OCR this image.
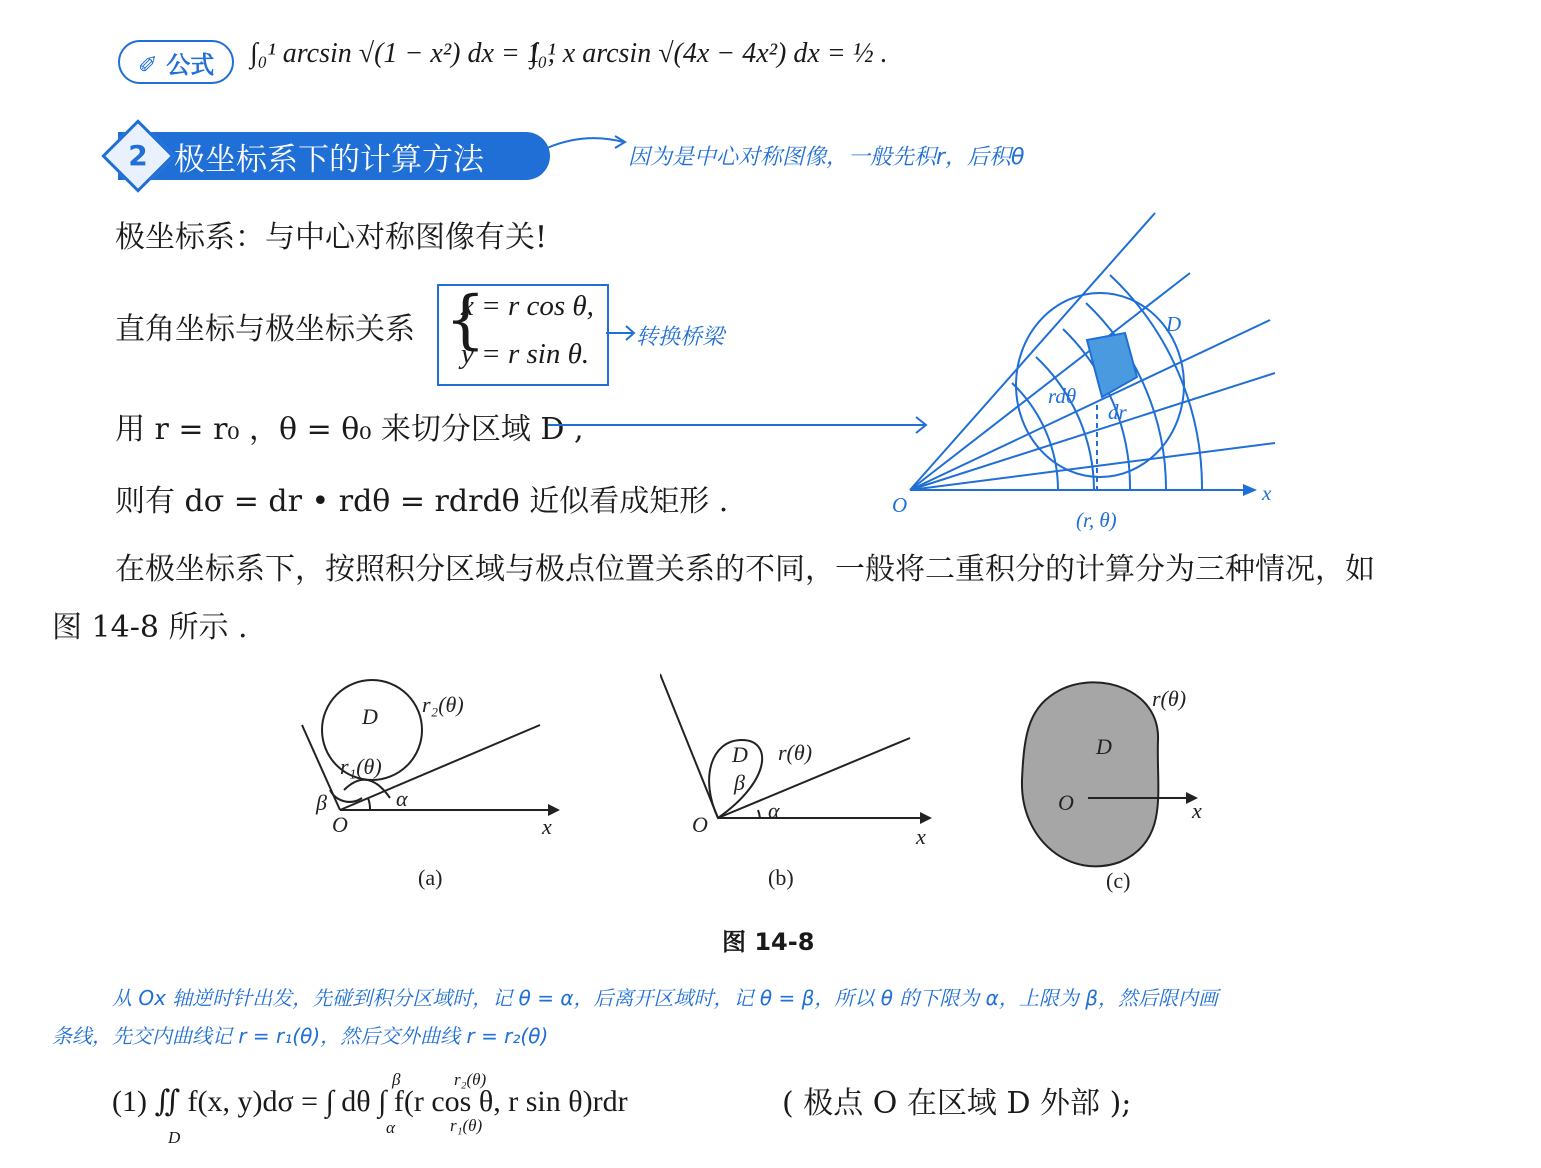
✐ 公式	∫₀¹ arcsin √(1 − x²) dx = 1 ,
∫₀¹ x arcsin √(4x − 4x²) dx = ½ .
极坐标系下的计算方法
2	因为是中心对称图像，一般先积r，后积θ
极坐标系：与中心对称图像有关!
直角坐标与极坐标关系 {
x = r cos θ,
y = r sin θ.
转换桥梁
用 r = r₀ ，θ = θ₀ 来切分区域 D ,
则有 dσ = dr • rdθ = rdrdθ 近似看成矩形 .
在极坐标系下，按照积分区域与极点位置关系的不同，一般将二重积分的计算分为三种情况，如
图 14-8 所示 .
rdθ
dr
D
O	x
(r, θ)
D r₂(θ)
r₁(θ)
β	α
O	x
(a)
D
β
r(θ)
α
O	x
(b)
r(θ)
D
O	x
(c)
图 14-8
从 Ox 轴逆时针出发，先碰到积分区域时，记 θ = α，后离开区域时，记 θ = β，所以 θ 的下限为 α，上限为 β，然后限内画
条线，先交内曲线记 r = r₁(θ)，然后交外曲线 r = r₂(θ)
(1) ∬ f(x, y)dσ = ∫ dθ ∫ f(r cos θ, r sin θ)rdr
D
α
β
r₁(θ)
r₂(θ)
( 极点 O 在区域 D 外部 );
